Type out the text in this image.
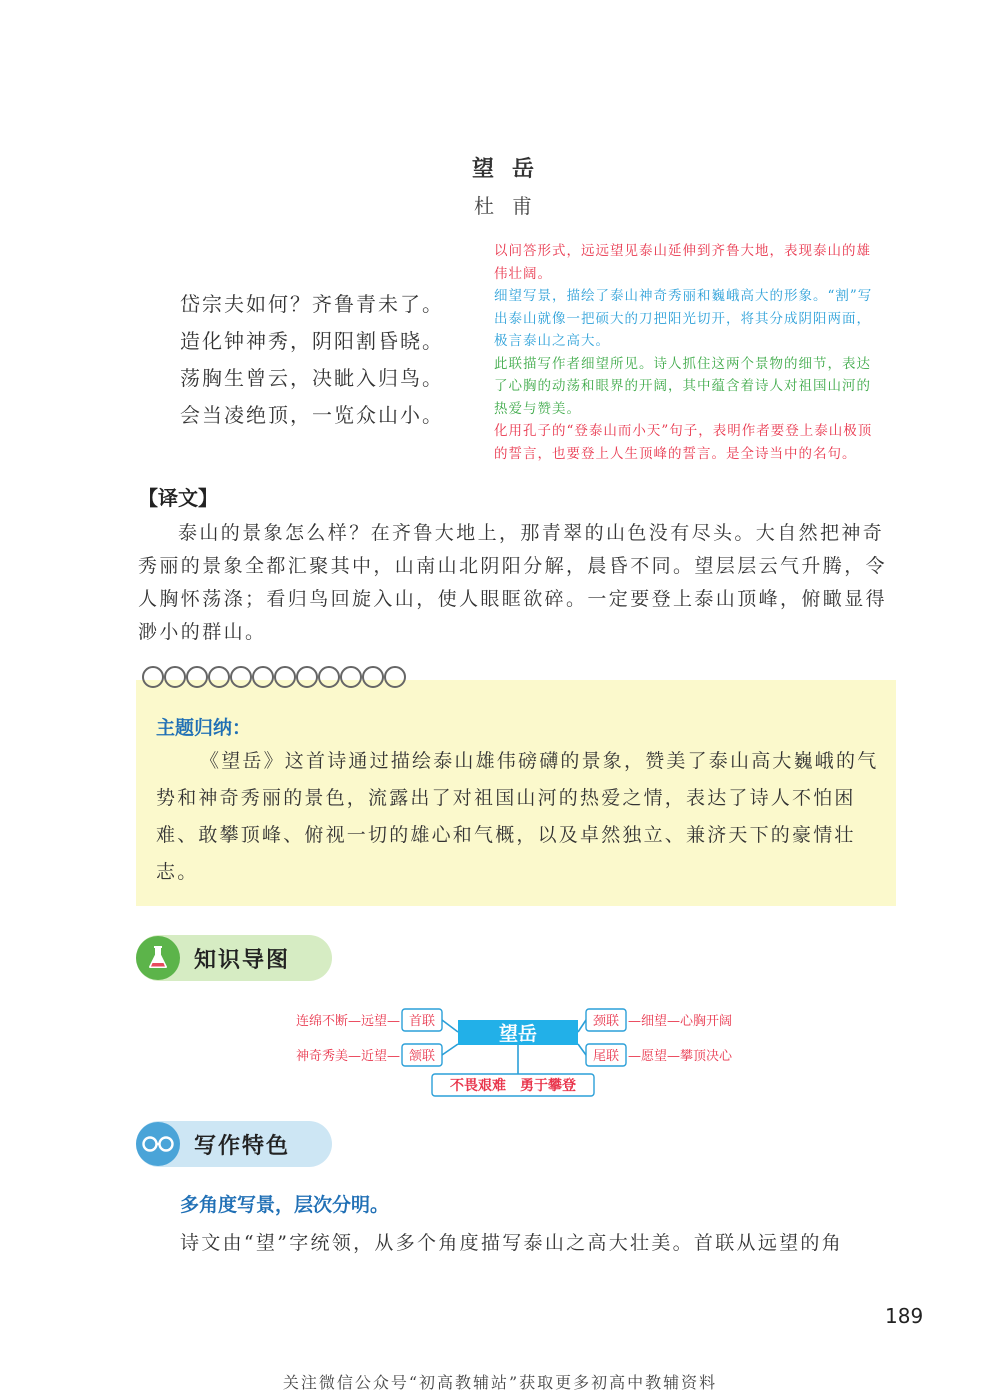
望岳
杜甫
岱宗夫如何？齐鲁青未了。
造化钟神秀，阴阳割昏晓。
荡胸生曾云，决眦入归鸟。
会当凌绝顶，一览众山小。
以问答形式，远远望见泰山延伸到齐鲁大地，表现泰山的雄伟壮阔。
细望写景，描绘了泰山神奇秀丽和巍峨高大的形象。“割”写出泰山就像一把硕大的刀把阳光切开，将其分成阴阳两面，极言泰山之高大。
此联描写作者细望所见。诗人抓住这两个景物的细节，表达了心胸的动荡和眼界的开阔，其中蕴含着诗人对祖国山河的热爱与赞美。
化用孔子的“登泰山而小天”句子，表明作者要登上泰山极顶的誓言，也要登上人生顶峰的誓言。是全诗当中的名句。
【译文】

泰山的景象怎么样？在齐鲁大地上，那青翠的山色没有尽头。大自然把神奇秀丽的景象全都汇聚其中，山南山北阴阳分解，晨昏不同。望层层云气升腾，令人胸怀荡涤；看归鸟回旋入山，使人眼眶欲碎。一定要登上泰山顶峰，俯瞰显得渺小的群山。

主题归纳：

《望岳》这首诗通过描绘泰山雄伟磅礴的景象，赞美了泰山高大巍峨的气势和神奇秀丽的景色，流露出了对祖国山河的热爱之情，表达了诗人不怕困难、敢攀顶峰、俯视一切的雄心和气概，以及卓然独立、兼济天下的豪情壮志。

知识导图
望岳
首联
连绵不断—远望—
颔联
神奇秀美—近望—
颈联 —细望—心胸开阔
尾联 —愿望—攀顶决心
不畏艰难　勇于攀登
写作特色
多角度写景，层次分明。
诗文由“望”字统领，从多个角度描写泰山之高大壮美。首联从远望的角
189
关注微信公众号“初高教辅站”获取更多初高中教辅资料
